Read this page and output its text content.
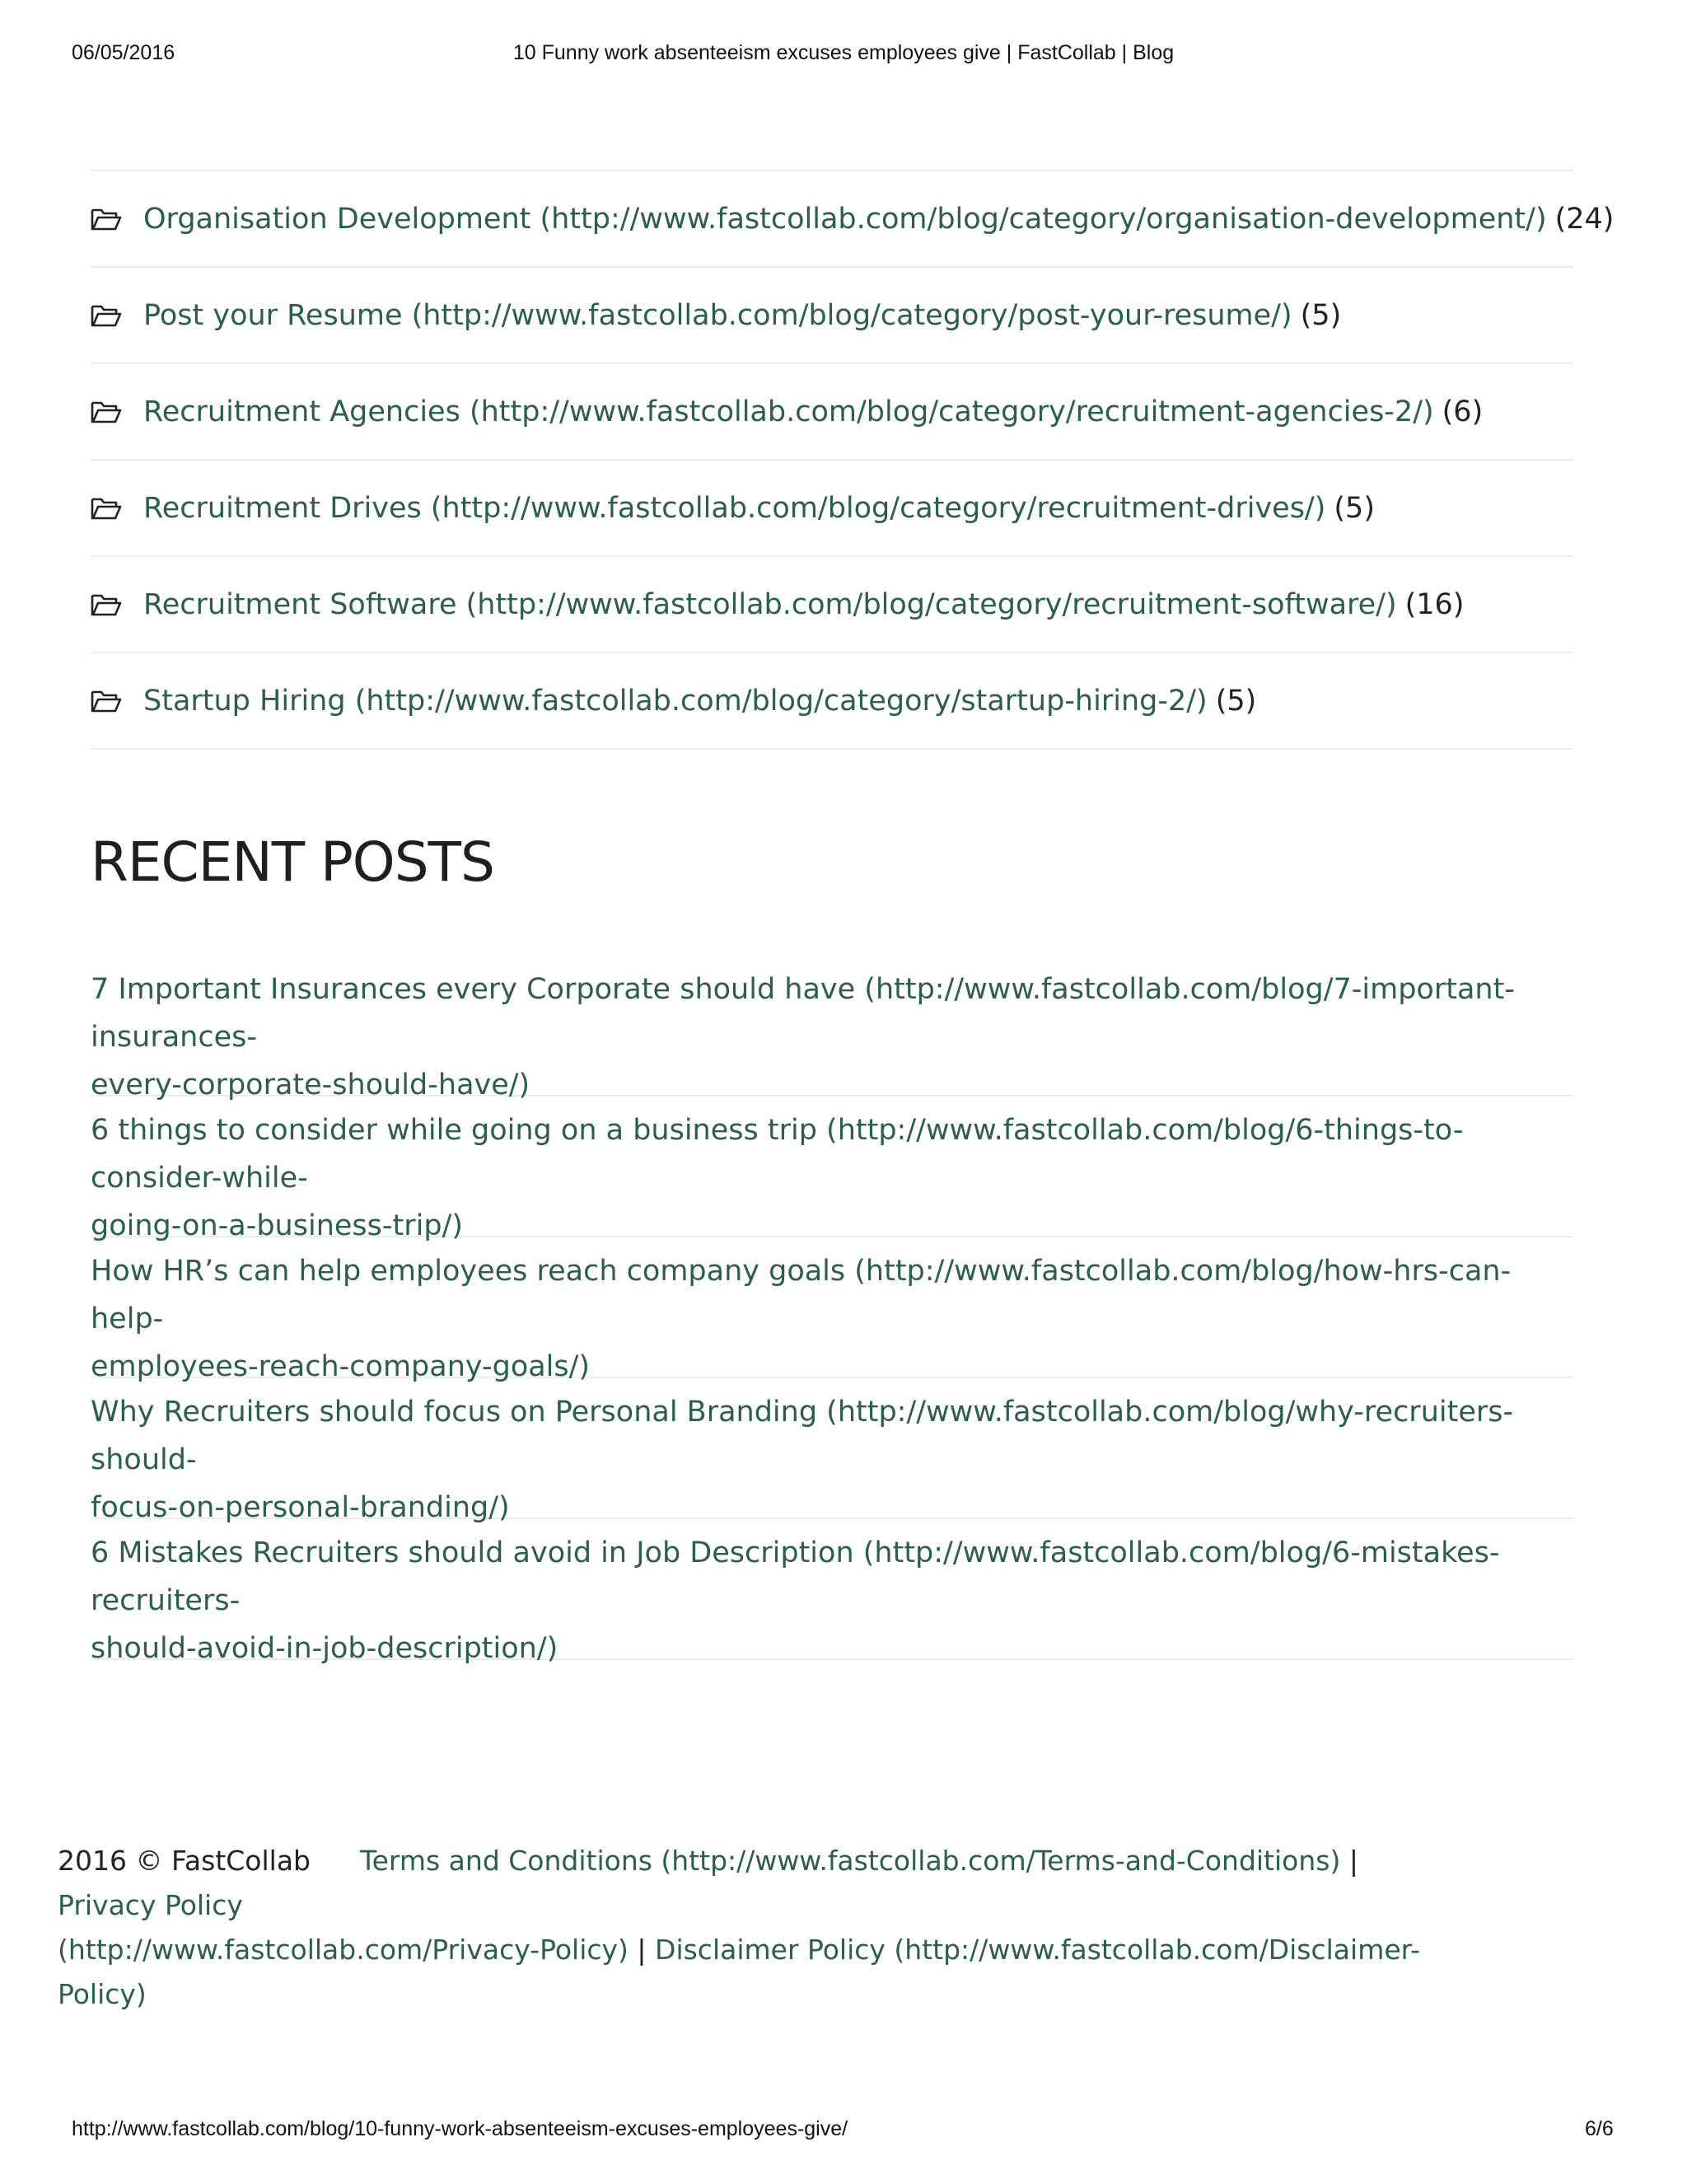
06/05/2016	10 Funny work absenteeism excuses employees give | FastCollab | Blog
Organisation Development (http://www.fastcollab.com/blog/category/organisation-development/) (24)
Post your Resume (http://www.fastcollab.com/blog/category/post-your-resume/) (5)
Recruitment Agencies (http://www.fastcollab.com/blog/category/recruitment-agencies-2/) (6)
Recruitment Drives (http://www.fastcollab.com/blog/category/recruitment-drives/) (5)
Recruitment Software (http://www.fastcollab.com/blog/category/recruitment-software/) (16)
Startup Hiring (http://www.fastcollab.com/blog/category/startup-hiring-2/) (5)
RECENT POSTS
7 Important Insurances every Corporate should have (http://www.fastcollab.com/blog/7-important-insurances-
every-corporate-should-have/)
6 things to consider while going on a business trip (http://www.fastcollab.com/blog/6-things-to-consider-while-
going-on-a-business-trip/)
How HR’s can help employees reach company goals (http://www.fastcollab.com/blog/how-hrs-can-help-
employees-reach-company-goals/)
Why Recruiters should focus on Personal Branding (http://www.fastcollab.com/blog/why-recruiters-should-
focus-on-personal-branding/)
6 Mistakes Recruiters should avoid in Job Description (http://www.fastcollab.com/blog/6-mistakes-recruiters-
should-avoid-in-job-description/)
2016 © FastCollab Terms and Conditions (http://www.fastcollab.com/Terms-and-Conditions) | Privacy Policy
(http://www.fastcollab.com/Privacy-Policy) | Disclaimer Policy (http://www.fastcollab.com/Disclaimer-Policy)
http://www.fastcollab.com/blog/10-funny-work-absenteeism-excuses-employees-give/	6/6
